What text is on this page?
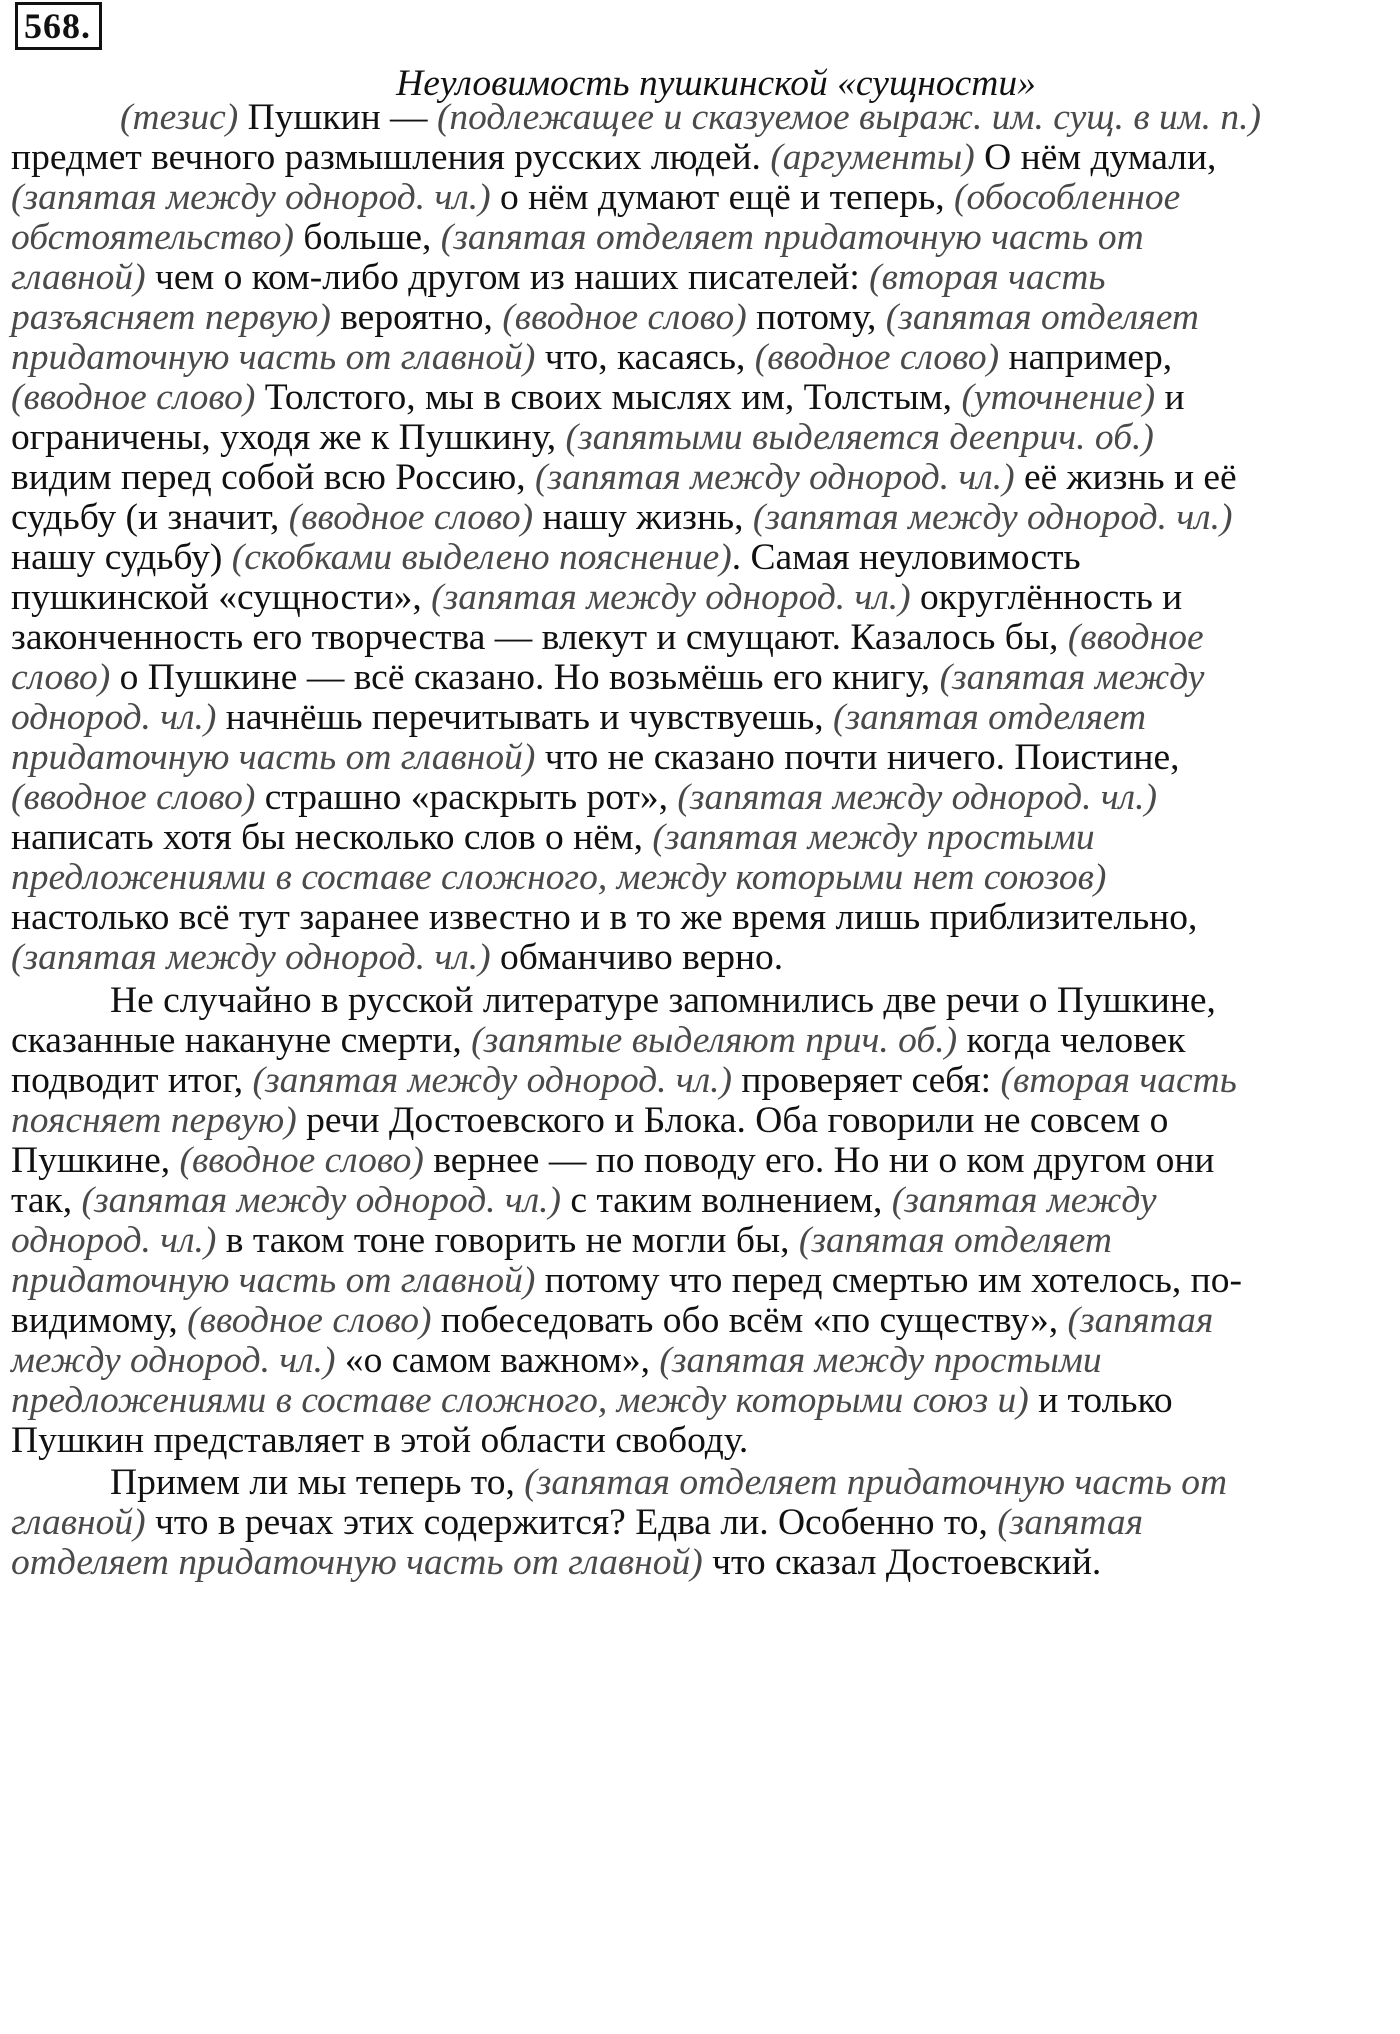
568.
Неуловимость пушкинской «сущности»
(тезис) Пушкин — (подлежащее и сказуемое выраж. им. сущ. в им. п.)
предмет вечного размышления русских людей. (аргументы) О нём думали,
(запятая между однород. чл.) о нём думают ещё и теперь, (обособленное
обстоятельство) больше, (запятая отделяет придаточную часть от
главной) чем о ком-либо другом из наших писателей: (вторая часть
разъясняет первую) вероятно, (вводное слово) потому, (запятая отделяет
придаточную часть от главной) что, касаясь, (вводное слово) например,
(вводное слово) Толстого, мы в своих мыслях им, Толстым, (уточнение) и
ограничены, уходя же к Пушкину, (запятыми выделяется дееприч. об.)
видим перед собой всю Россию, (запятая между однород. чл.) её жизнь и её
судьбу (и значит, (вводное слово) нашу жизнь, (запятая между однород. чл.)
нашу судьбу) (скобками выделено пояснение). Самая неуловимость
пушкинской «сущности», (запятая между однород. чл.) округлённость и
законченность его творчества — влекут и смущают. Казалось бы, (вводное
слово) о Пушкине — всё сказано. Но возьмёшь его книгу, (запятая между
однород. чл.) начнёшь перечитывать и чувствуешь, (запятая отделяет
придаточную часть от главной) что не сказано почти ничего. Поистине,
(вводное слово) страшно «раскрыть рот», (запятая между однород. чл.)
написать хотя бы несколько слов о нём, (запятая между простыми
предложениями в составе сложного, между которыми нет союзов)
настолько всё тут заранее известно и в то же время лишь приблизительно,
(запятая между однород. чл.) обманчиво верно.
Не случайно в русской литературе запомнились две речи о Пушкине,
сказанные накануне смерти, (запятые выделяют прич. об.) когда человек
подводит итог, (запятая между однород. чл.) проверяет себя: (вторая часть
поясняет первую) речи Достоевского и Блока. Оба говорили не совсем о
Пушкине, (вводное слово) вернее — по поводу его. Но ни о ком другом они
так, (запятая между однород. чл.) с таким волнением, (запятая между
однород. чл.) в таком тоне говорить не могли бы, (запятая отделяет
придаточную часть от главной) потому что перед смертью им хотелось, по-
видимому, (вводное слово) побеседовать обо всём «по существу», (запятая
между однород. чл.) «о самом важном», (запятая между простыми
предложениями в составе сложного, между которыми союз и) и только
Пушкин представляет в этой области свободу.
Примем ли мы теперь то, (запятая отделяет придаточную часть от
главной) что в речах этих содержится? Едва ли. Особенно то, (запятая
отделяет придаточную часть от главной) что сказал Достоевский.
